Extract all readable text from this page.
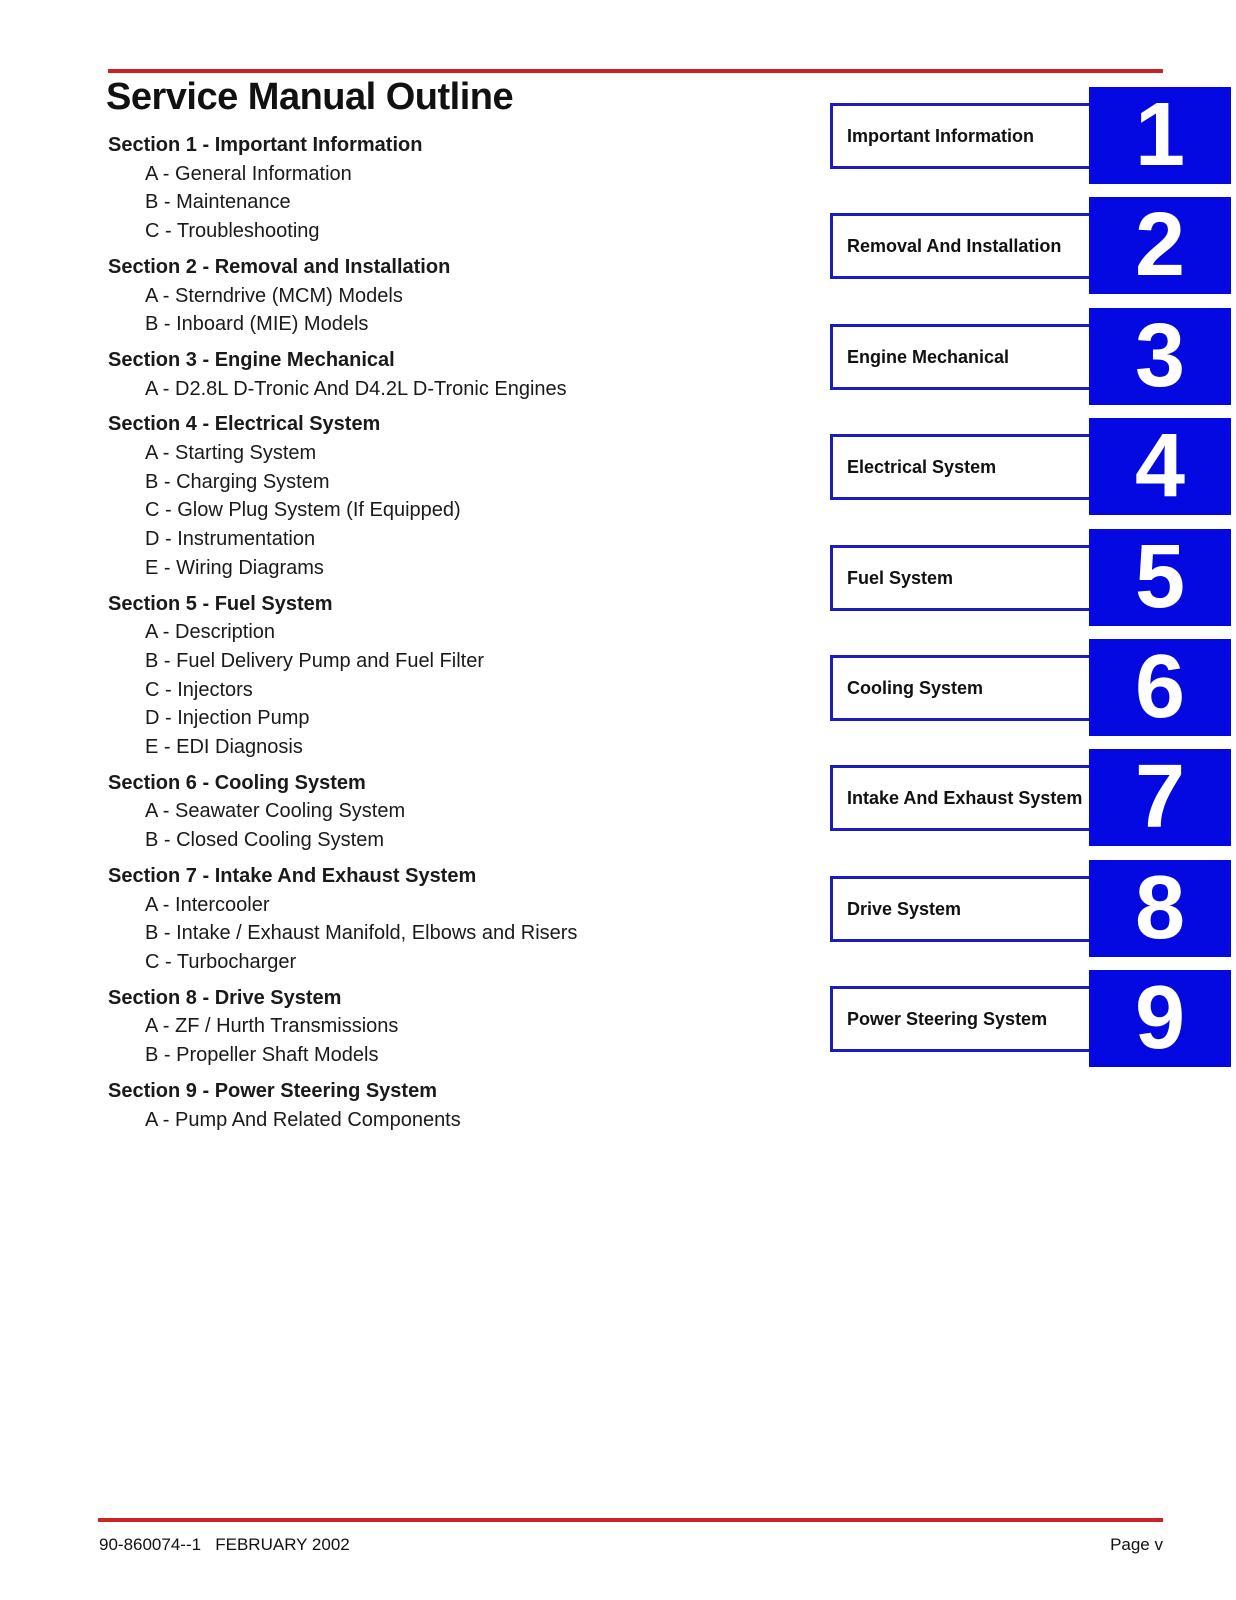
Service Manual Outline
Section 1 - Important Information
A - General Information
B - Maintenance
C - Troubleshooting
Section 2 - Removal and Installation
A - Sterndrive (MCM) Models
B - Inboard (MIE) Models
Section 3 - Engine Mechanical
A - D2.8L D-Tronic And D4.2L D-Tronic Engines
Section 4 - Electrical System
A - Starting System
B - Charging System
C - Glow Plug System (If Equipped)
D - Instrumentation
E - Wiring Diagrams
Section 5 - Fuel System
A - Description
B - Fuel Delivery Pump and Fuel Filter
C - Injectors
D - Injection Pump
E - EDI Diagnosis
Section 6 - Cooling System
A - Seawater Cooling System
B - Closed Cooling System
Section 7 - Intake And Exhaust System
A - Intercooler
B - Intake / Exhaust Manifold, Elbows and Risers
C - Turbocharger
Section 8 - Drive System
A - ZF / Hurth Transmissions
B - Propeller Shaft Models
Section 9 - Power Steering System
A - Pump And Related Components
Important Information 1
Removal And Installation 2
Engine Mechanical 3
Electrical System 4
Fuel System 5
Cooling System 6
Intake And Exhaust System 7
Drive System 8
Power Steering System 9
90-860074--1   FEBRUARY 2002	Page v
